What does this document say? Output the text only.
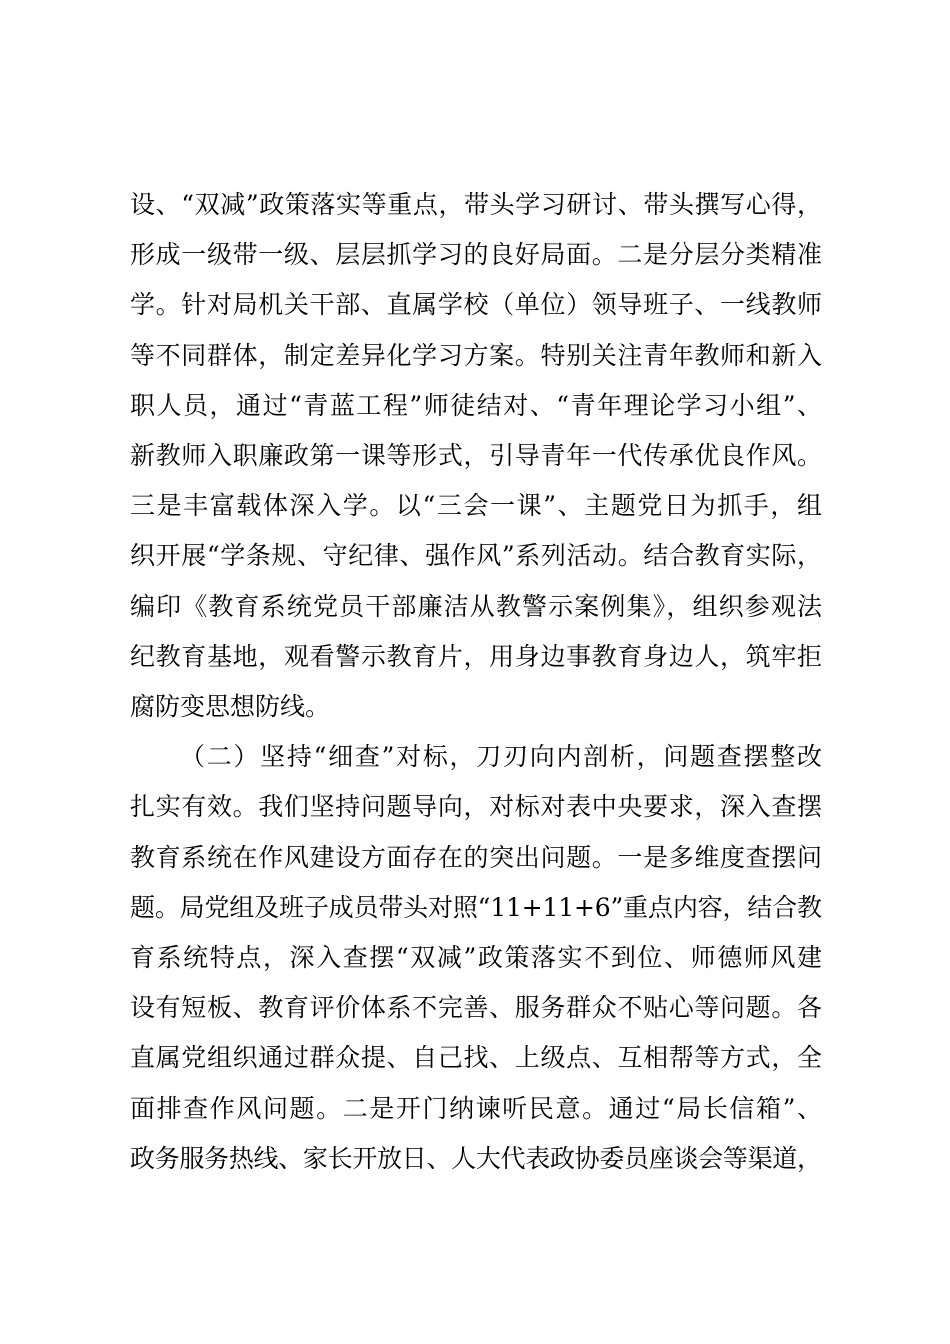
设、“双减”政策落实等重点，带头学习研讨、带头撰写心得，
形成一级带一级、层层抓学习的良好局面。二是分层分类精准
学。针对局机关干部、直属学校（单位）领导班子、一线教师
等不同群体，制定差异化学习方案。特别关注青年教师和新入
职人员，通过“青蓝工程”师徒结对、“青年理论学习小组”、
新教师入职廉政第一课等形式，引导青年一代传承优良作风。
三是丰富载体深入学。以“三会一课”、主题党日为抓手，组
织开展“学条规、守纪律、强作风”系列活动。结合教育实际，
编印《教育系统党员干部廉洁从教警示案例集》，组织参观法
纪教育基地，观看警示教育片，用身边事教育身边人，筑牢拒
腐防变思想防线。
（二）坚持“细查”对标，刀刃向内剖析，问题查摆整改
扎实有效。我们坚持问题导向，对标对表中央要求，深入查摆
教育系统在作风建设方面存在的突出问题。一是多维度查摆问
题。局党组及班子成员带头对照“11+11+6”重点内容，结合教
育系统特点，深入查摆“双减”政策落实不到位、师德师风建
设有短板、教育评价体系不完善、服务群众不贴心等问题。各
直属党组织通过群众提、自己找、上级点、互相帮等方式，全
面排查作风问题。二是开门纳谏听民意。通过“局长信箱”、
政务服务热线、家长开放日、人大代表政协委员座谈会等渠道，
